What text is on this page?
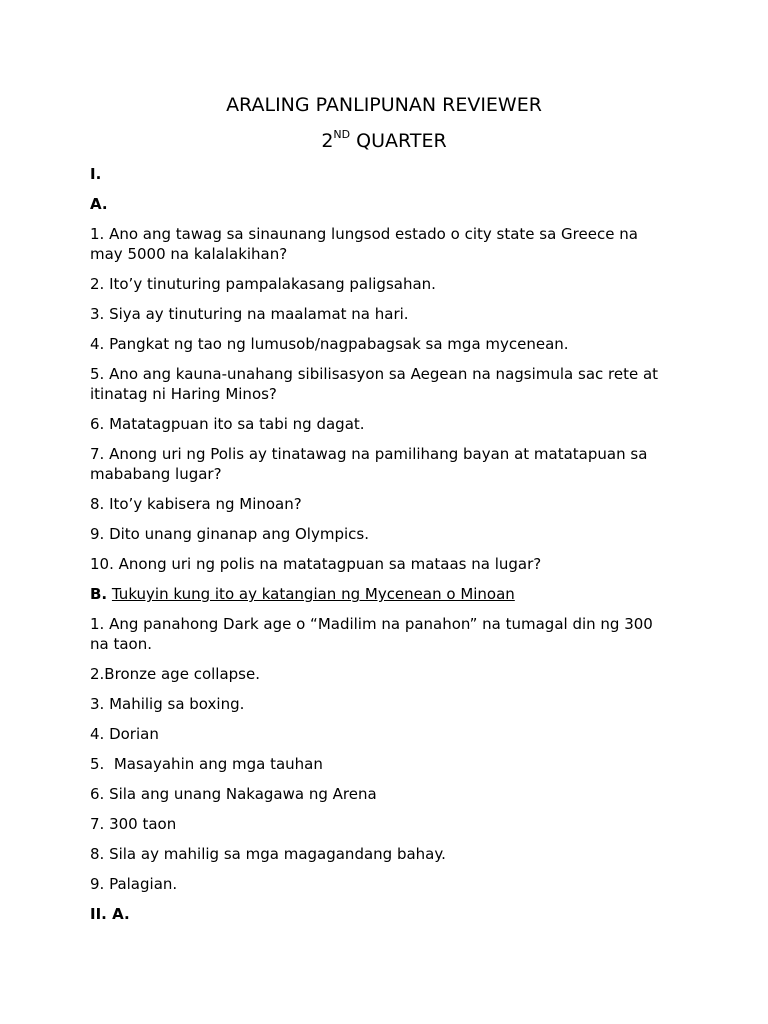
ARALING PANLIPUNAN REVIEWER
2ND QUARTER

I.

A.

1. Ano ang tawag sa sinaunang lungsod estado o city state sa Greece na may 5000 na kalalakihan?

2. Ito’y tinuturing pampalakasang paligsahan.

3. Siya ay tinuturing na maalamat na hari.

4. Pangkat ng tao ng lumusob/nagpabagsak sa mga mycenean.

5. Ano ang kauna-unahang sibilisasyon sa Aegean na nagsimula sac rete at itinatag ni Haring Minos?

6. Matatagpuan ito sa tabi ng dagat.

7. Anong uri ng Polis ay tinatawag na pamilihang bayan at matatapuan sa mababang lugar?

8. Ito’y kabisera ng Minoan?

9. Dito unang ginanap ang Olympics.

10. Anong uri ng polis na matatagpuan sa mataas na lugar?

B. Tukuyin kung ito ay katangian ng Mycenean o Minoan

1. Ang panahong Dark age o “Madilim na panahon” na tumagal din ng 300 na taon.

2.Bronze age collapse.

3. Mahilig sa boxing.

4. Dorian

5.  Masayahin ang mga tauhan

6. Sila ang unang Nakagawa ng Arena

7. 300 taon

8. Sila ay mahilig sa mga magagandang bahay.

9. Palagian.

II. A.
